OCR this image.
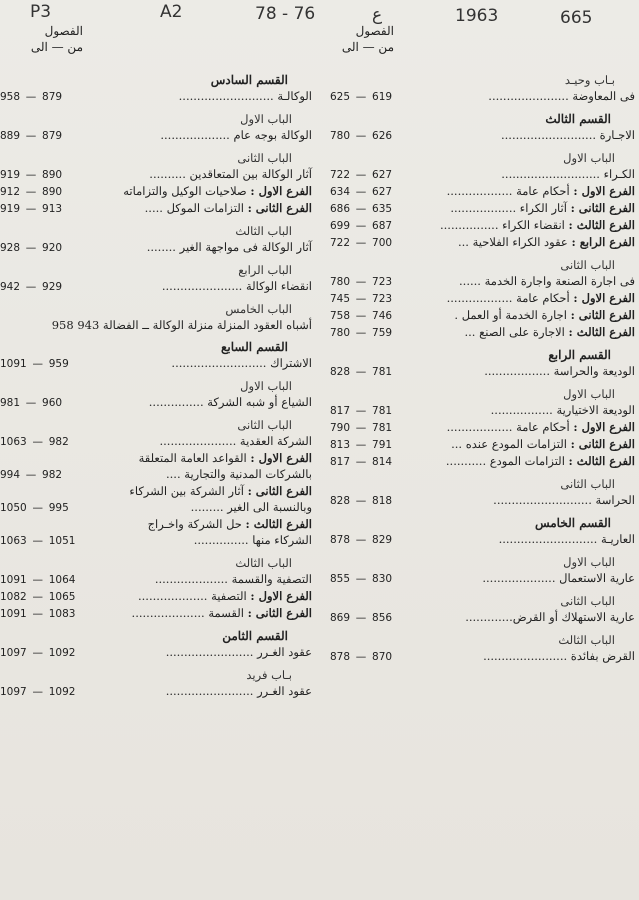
P3	A2	78 - 76	ع	1963	665
الفصول
من — الى
الفصول
من — الى
القسم السادس
958 — 879	الوكالـة ..........................
الباب الاول
889 — 879	الوكالة بوجه عام ...................
الباب الثانى
919 — 890	آثار الوكالة بين المتعاقدين ..........
912 — 890	الفرع الاول : صلاحيات الوكيل والتزاماته
919 — 913	الفرع الثانى : التزامات الموكل .....
الباب الثالث
928 — 920	آثار الوكالة فى مواجهة الغير ........
الباب الرابع
942 — 929	انقضاء الوكالة ......................
الباب الخامس
أشباه العقود المنزلة منزلة الوكالة ــ الفضالة 943 958
القسم السابع
1091 — 959	الاشتراك ..........................
الباب الاول
981 — 960	الشياع أو شبه الشركة ...............
الباب الثانى
1063 — 982	الشركة العقدية .....................
الفرع الاول : القواعد العامة المتعلقة
994 — 982	بالشركات المدنية والتجارية ....
الفرع الثانى : آثار الشركة بين الشركاء
1050 — 995	وبالنسبة الى الغير .........
الفرع الثالث : حل الشركة واخـراج
1063 — 1051	الشركاء منها ...............
الباب الثالث
1091 — 1064	التصفية والقسمة ....................
1082 — 1065	الفرع الاول : التصفية ...................
1091 — 1083	الفرع الثانى : القسمة ....................
القسم الثامن
1097 — 1092	عقود الغـرر ........................
بـاب فريد
1097 — 1092	عقود الغـرر ........................
بـاب وحيـد
625 — 619	فى المعاوضة ......................
القسم الثالث
780 — 626	الاجـارة ..........................
الباب الاول
722 — 627	الكـراء ...........................
634 — 627	الفرع الاول : أحكام عامة ..................
686 — 635	الفرع الثانى : آثار الكراء ..................
699 — 687	الفرع الثالث : انقضاء الكراء ................
722 — 700	الفرع الرابع : عقود الكراء الفلاحية ...
الباب الثانى
780 — 723	فى اجارة الصنعة واجارة الخدمة ......
745 — 723	الفرع الاول : أحكام عامة ..................
758 — 746	الفرع الثانى : اجارة الخدمة أو العمل .
780 — 759	الفرع الثالث : الاجارة على الصنع ...
القسم الرابع
828 — 781	الوديعة والحراسة ..................
الباب الاول
817 — 781	الوديعة الاختيارية .................
790 — 781	الفرع الاول : أحكام عامة ..................
813 — 791	الفرع الثانى : التزامات المودع عنده ...
817 — 814	الفرع الثالث : التزامات المودع ...........
الباب الثانى
828 — 818	الحراسة ...........................
القسم الخامس
878 — 829	العاريـة ...........................
الباب الاول
855 — 830	عارية الاستعمال ....................
الباب الثانى
869 — 856	عارية الاستهلاك أو القرض.............
الباب الثالث
878 — 870	القرض بفائدة .......................
